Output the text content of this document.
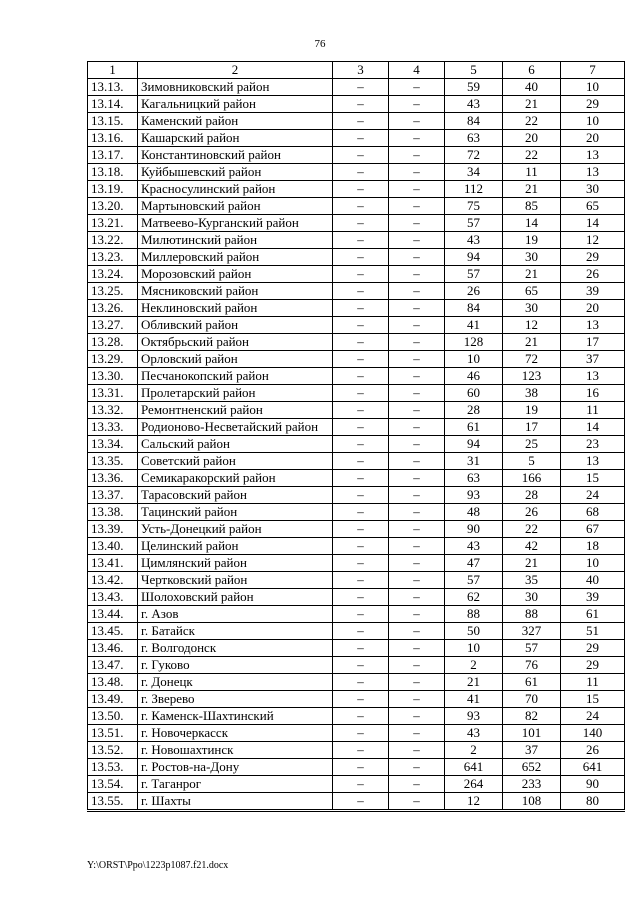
76
1	2	3	4	5	6	7
13.13.	Зимовниковский район	–	–	59	40	10
13.14.	Кагальницкий район	–	–	43	21	29
13.15.	Каменский район	–	–	84	22	10
13.16.	Кашарский район	–	–	63	20	20
13.17.	Константиновский район	–	–	72	22	13
13.18.	Куйбышевский район	–	–	34	11	13
13.19.	Красносулинский район	–	–	112	21	30
13.20.	Мартыновский район	–	–	75	85	65
13.21.	Матвеево-Курганский район	–	–	57	14	14
13.22.	Милютинский район	–	–	43	19	12
13.23.	Миллеровский район	–	–	94	30	29
13.24.	Морозовский район	–	–	57	21	26
13.25.	Мясниковский район	–	–	26	65	39
13.26.	Неклиновский район	–	–	84	30	20
13.27.	Обливский район	–	–	41	12	13
13.28.	Октябрьский район	–	–	128	21	17
13.29.	Орловский район	–	–	10	72	37
13.30.	Песчанокопский район	–	–	46	123	13
13.31.	Пролетарский район	–	–	60	38	16
13.32.	Ремонтненский район	–	–	28	19	11
13.33.	Родионово-Несветайский район	–	–	61	17	14
13.34.	Сальский район	–	–	94	25	23
13.35.	Советский район	–	–	31	5	13
13.36.	Семикаракорский район	–	–	63	166	15
13.37.	Тарасовский район	–	–	93	28	24
13.38.	Тацинский район	–	–	48	26	68
13.39.	Усть-Донецкий район	–	–	90	22	67
13.40.	Целинский район	–	–	43	42	18
13.41.	Цимлянский район	–	–	47	21	10
13.42.	Чертковский район	–	–	57	35	40
13.43.	Шолоховский район	–	–	62	30	39
13.44.	г. Азов	–	–	88	88	61
13.45.	г. Батайск	–	–	50	327	51
13.46.	г. Волгодонск	–	–	10	57	29
13.47.	г. Гуково	–	–	2	76	29
13.48.	г. Донецк	–	–	21	61	11
13.49.	г. Зверево	–	–	41	70	15
13.50.	г. Каменск-Шахтинский	–	–	93	82	24
13.51.	г. Новочеркасск	–	–	43	101	140
13.52.	г. Новошахтинск	–	–	2	37	26
13.53.	г. Ростов-на-Дону	–	–	641	652	641
13.54.	г. Таганрог	–	–	264	233	90
13.55.	г. Шахты	–	–	12	108	80
Y:\ORST\Ppo\1223p1087.f21.docx
